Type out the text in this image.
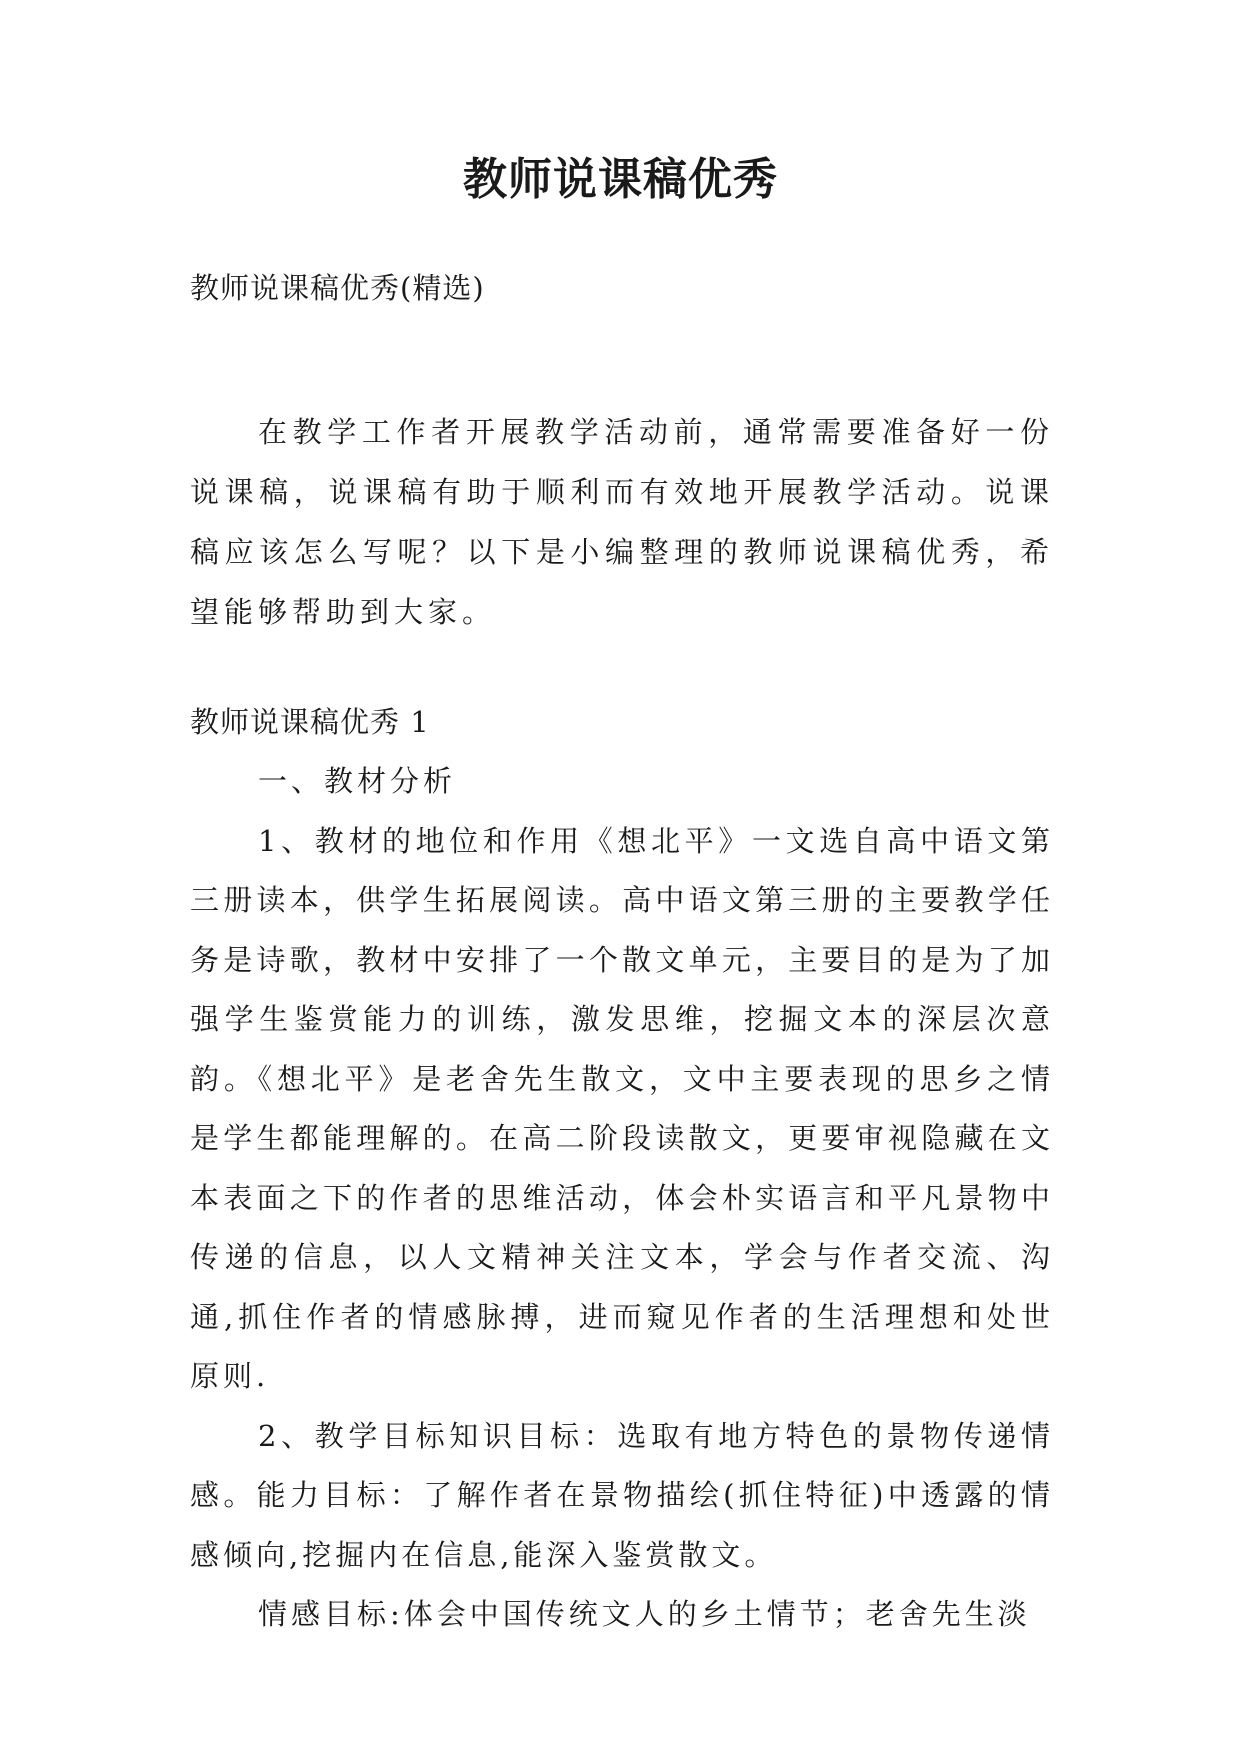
教师说课稿优秀
教师说课稿优秀(精选)
在教学工作者开展教学活动前，通常需要准备好一份说课稿，说课稿有助于顺利而有效地开展教学活动。说课稿应该怎么写呢？以下是小编整理的教师说课稿优秀，希望能够帮助到大家。
教师说课稿优秀 1

一、教材分析

1、教材的地位和作用《想北平》一文选自高中语文第三册读本，供学生拓展阅读。高中语文第三册的主要教学任务是诗歌，教材中安排了一个散文单元，主要目的是为了加强学生鉴赏能力的训练，激发思维，挖掘文本的深层次意韵。《想北平》是老舍先生散文，文中主要表现的思乡之情是学生都能理解的。在高二阶段读散文，更要审视隐藏在文本表面之下的作者的思维活动，体会朴实语言和平凡景物中传递的信息，以人文精神关注文本，学会与作者交流、沟通,抓住作者的情感脉搏，进而窥见作者的生活理想和处世原则.

2、教学目标知识目标：选取有地方特色的景物传递情感。能力目标：了解作者在景物描绘(抓住特征)中透露的情感倾向,挖掘内在信息,能深入鉴赏散文。

情感目标:体会中国传统文人的乡土情节；老舍先生淡
